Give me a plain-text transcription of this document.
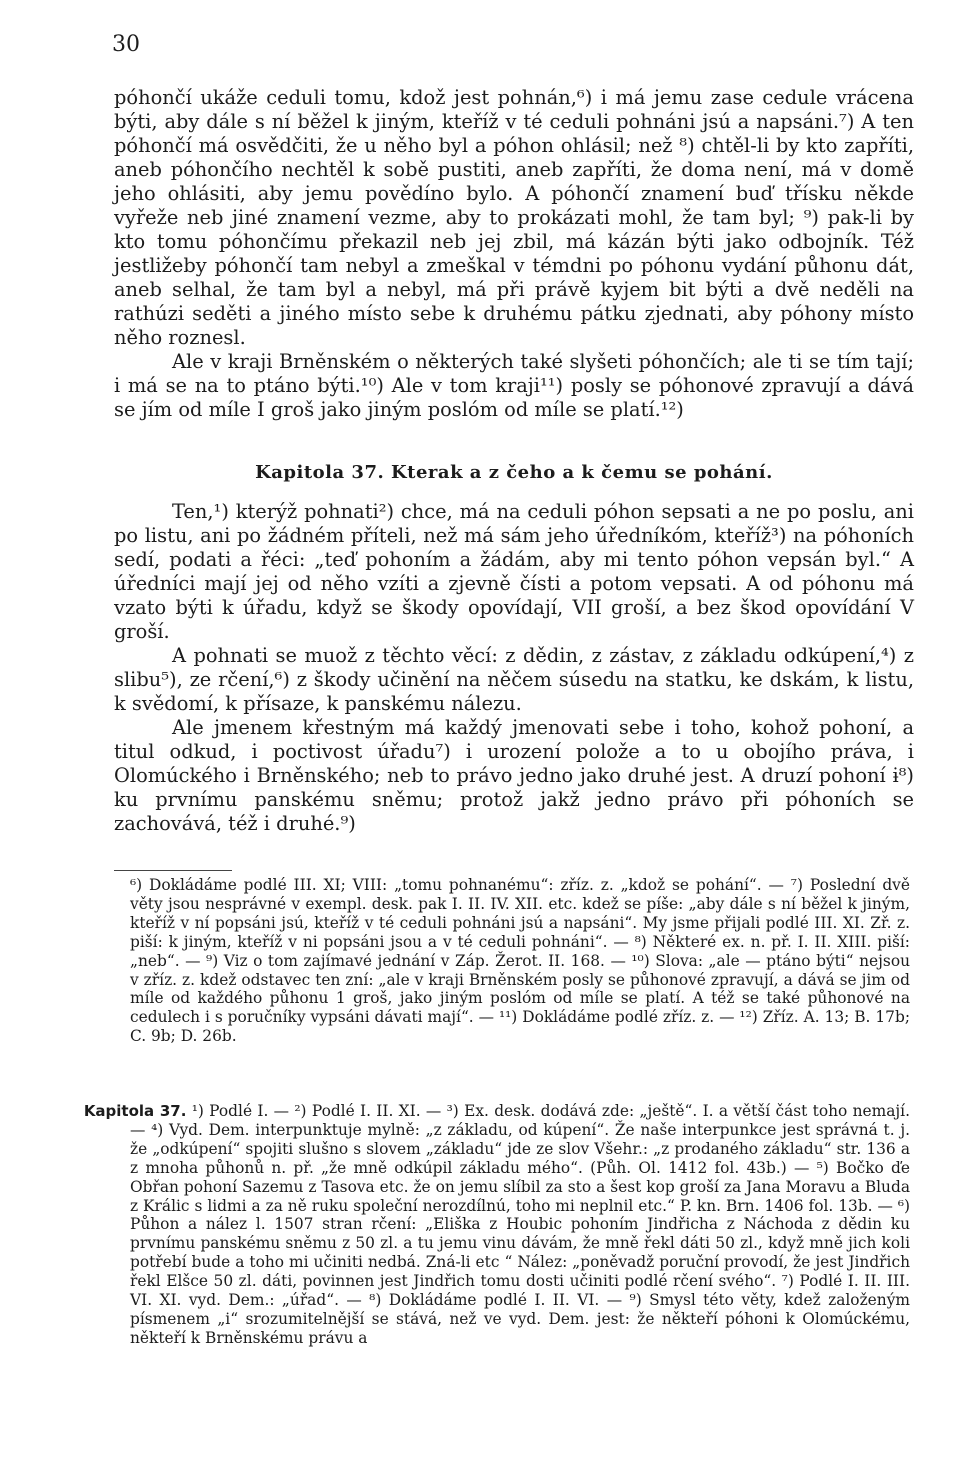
30

póhončí ukáže ceduli tomu, kdož jest pohnán,⁶) i má jemu zase cedule vrácena býti, aby dále s ní běžel k jiným, kteříž v té ceduli pohnáni jsú a napsáni.⁷) A ten póhončí má osvědčiti, že u něho byl a póhon ohlásil; než ⁸) chtěl-li by kto zapříti, aneb póhončího nechtěl k sobě pustiti, aneb zapříti, že doma není, má v domě jeho ohlásiti, aby jemu povědíno bylo. A póhončí znamení buď třísku někde vyřeže neb jiné znamení vezme, aby to prokázati mohl, že tam byl; ⁹) pak-li by kto tomu póhončímu překazil neb jej zbil, má kázán býti jako odbojník. Též jestližeby póhončí tam nebyl a zmeškal v témdni po póhonu vydání půhonu dát, aneb selhal, že tam byl a nebyl, má při právě kyjem bit býti a dvě neděli na rathúzi seděti a jiného místo sebe k druhému pátku zjednati, aby póhony místo něho roznesl.

Ale v kraji Brněnském o některých také slyšeti póhončích; ale ti se tím tají; i má se na to ptáno býti.¹⁰) Ale v tom kraji¹¹) posly se póhonové zpravují a dává se jím od míle I groš jako jiným poslóm od míle se platí.¹²)

Kapitola 37. Kterak a z čeho a k čemu se pohání.

Ten,¹) kterýž pohnati²) chce, má na ceduli póhon sepsati a ne po poslu, ani po listu, ani po žádném příteli, než má sám jeho úředníkóm, kteříž³) na póhoních sedí, podati a řéci: „teď pohoním a žádám, aby mi tento póhon vepsán byl.“ A úředníci mají jej od něho vzíti a zjevně čísti a potom vepsati. A od póhonu má vzato býti k úřadu, když se škody opovídají, VII groší, a bez škod opovídání V groší.

A pohnati se muož z těchto věcí: z dědin, z zástav, z základu odkúpení,⁴) z slibu⁵), ze rčení,⁶) z škody učinění na něčem súsedu na statku, ke dskám, k listu, k svědomí, k přísaze, k panskému nálezu.

Ale jmenem křestným má každý jmenovati sebe i toho, kohož pohoní, a titul odkud, i poctivost úřadu⁷) i urození polože a to u obojího práva, i Olomúckého i Brněnského; neb to právo jedno jako druhé jest. A druzí pohoní ɨ⁸) ku prvnímu panskému sněmu; protož jakž jedno právo při póhoních se zachovává, též i druhé.⁹)

⁶) Dokládáme podlé III. XI; VIII: „tomu pohnanému“: zříz. z. „kdož se pohání“. — ⁷) Poslední dvě věty jsou nesprávné v exempl. desk. pak I. II. IV. XII. etc. kdež se píše: „aby dále s ní běžel k jiným, kteříž v ní popsáni jsú, kteříž v té ceduli pohnáni jsú a napsáni“. My jsme přijali podlé III. XI. Zř. z. piší: k jiným, kteříž v ni popsáni jsou a v té ceduli pohnáni“. — ⁸) Některé ex. n. př. I. II. XIII. piší: „neb“. — ⁹) Viz o tom zajímavé jednání v Záp. Žerot. II. 168. — ¹⁰) Slova: „ale — ptáno býti“ nejsou v zříz. z. kdež odstavec ten zní: „ale v kraji Brněnském posly se půhonové zpravují, a dává se jim od míle od každého půhonu 1 groš, jako jiným poslóm od míle se platí. A též se také půhonové na cedulech i s poručníky vypsáni dávati mají“. — ¹¹) Dokládáme podlé zříz. z. — ¹²) Zříz. A. 13; B. 17b; C. 9b; D. 26b.

Kapitola 37. ¹) Podlé I. — ²) Podlé I. II. XI. — ³) Ex. desk. dodává zde: „ještě“. I. a větší část toho nemají. — ⁴) Vyd. Dem. interpunktuje mylně: „z základu, od kúpení“. Že naše interpunkce jest správná t. j. že „odkúpení“ spojiti slušno s slovem „základu“ jde ze slov Všehr.: „z prodaného základu“ str. 136 a z mnoha půhonů n. př. „že mně odkúpil základu mého“. (Půh. Ol. 1412 fol. 43b.) — ⁵) Bočko ďe Obřan pohoní Sazemu z Tasova etc. že on jemu slíbil za sto a šest kop groší za Jana Moravu a Bluda z Králic s lidmi a za ně ruku společní nerozdílnú, toho mi neplnil etc.“ P. kn. Brn. 1406 fol. 13b. — ⁶) Půhon a nález l. 1507 stran rčení: „Eliška z Houbic pohoním Jindřicha z Náchoda z dědin ku prvnímu panskému sněmu z 50 zl. a tu jemu vinu dávám, že mně řekl dáti 50 zl., když mně jich koli potřebí bude a toho mi učiniti nedbá. Zná-li etc “ Nález: „poněvadž poruční provodí, že jest Jindřich řekl Elšce 50 zl. dáti, povinnen jest Jindřich tomu dosti učiniti podlé rčení svého“. ⁷) Podlé I. II. III. VI. XI. vyd. Dem.: „úřad“. — ⁸) Dokládáme podlé I. II. VI. — ⁹) Smysl této věty, kdež založeným písmenem „i“ srozumitelnější se stává, než ve vyd. Dem. jest: že někteří póhoni k Olomúckému, někteří k Brněnskému právu a
